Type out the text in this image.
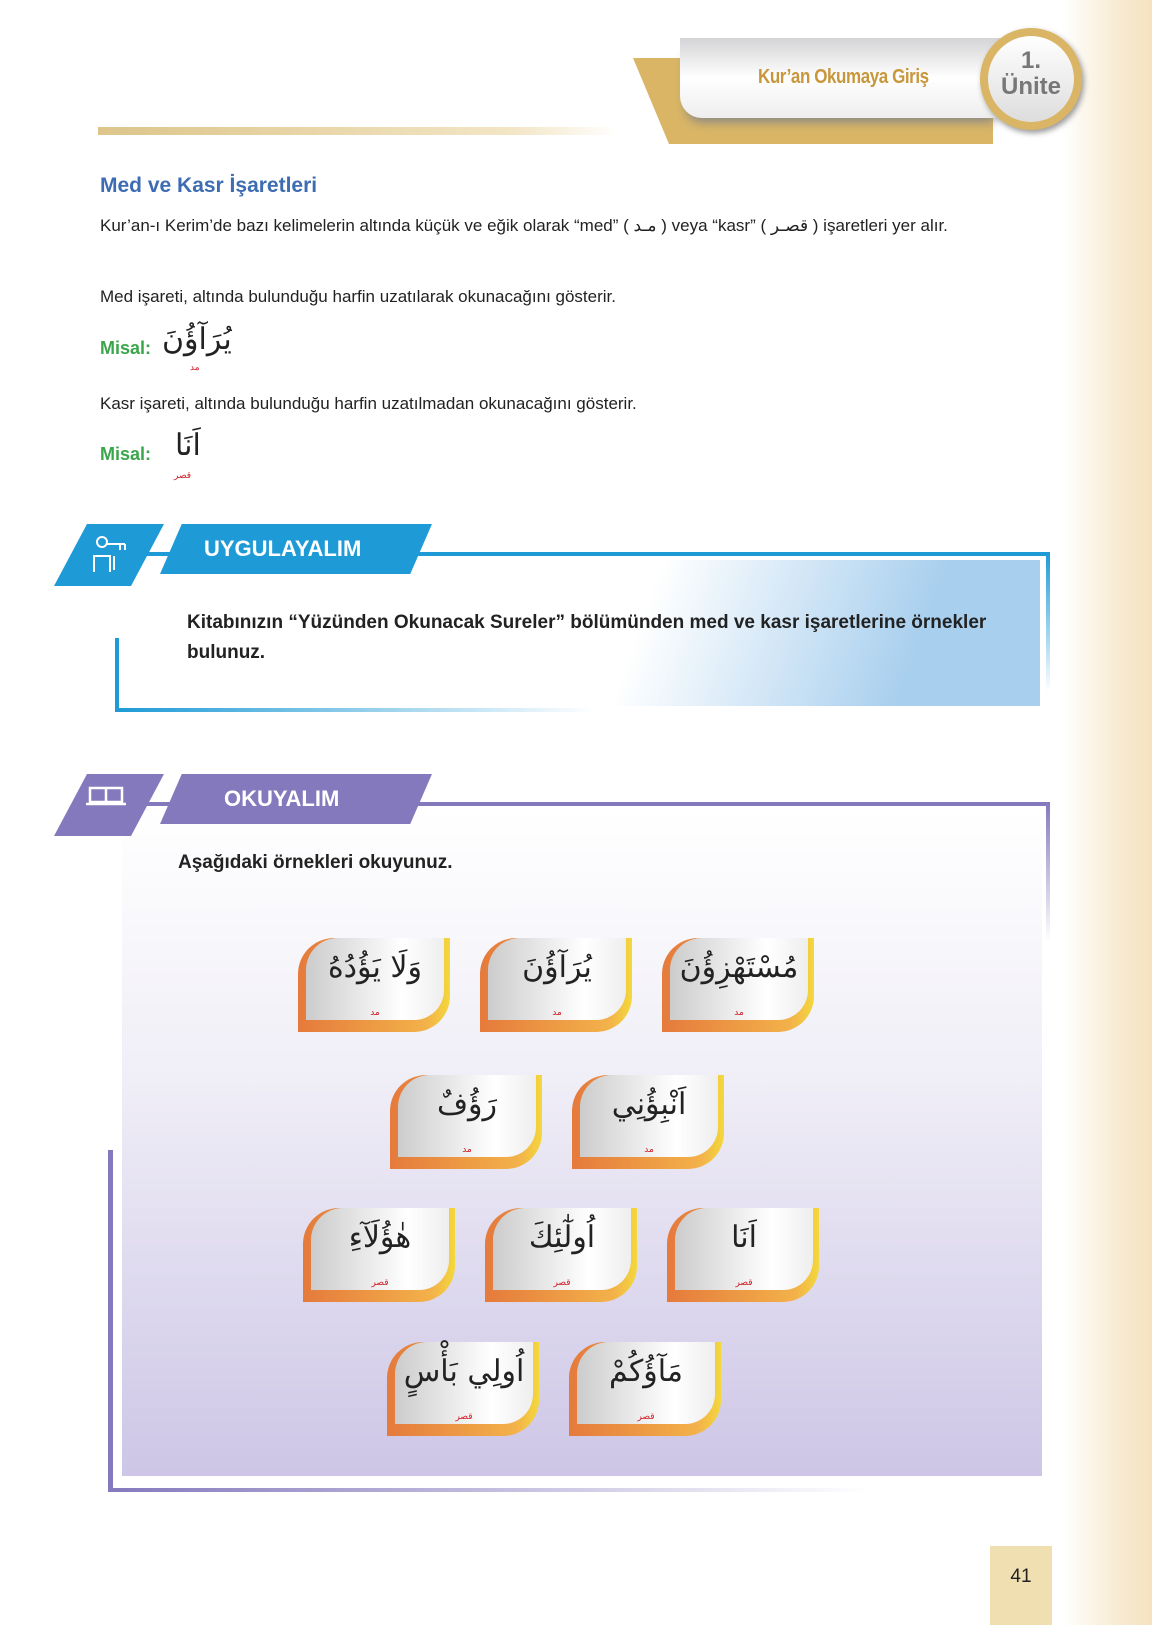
Kur’an Okumaya Giriş
1.
Ünite
Med ve Kasr İşaretleri
Kur’an-ı Kerim’de bazı kelimelerin altında küçük ve eğik olarak “med” ( مـد ) veya “kasr” ( قصـر ) işaretleri yer alır.
Med işareti, altında bulunduğu harfin uzatılarak okunacağını gösterir.
Misal: يُرَآؤُنَ
مد
Kasr işareti, altında bulunduğu harfin uzatılmadan okunacağını gösterir.
Misal: اَنَا
قصر
UYGULAYALIM
Kitabınızın “Yüzünden Okunacak Sureler” bölümünden med ve kasr işaretlerine örnekler bulunuz.
OKUYALIM
Aşağıdaki örnekleri okuyunuz.
وَلَا يَؤُدُهُ
مد
يُرَآؤُنَ
مد
مُسْتَهْزِؤُنَ
مد
رَؤُفٌ
مد
اَنْبِؤُنِي
مد
هٰؤُلَآءِ
قصر
اُولٰٓئِكَ
قصر
اَنَا
قصر
اُولِي بَأْسٍ
قصر
مَآؤُكُمْ
قصر
41
